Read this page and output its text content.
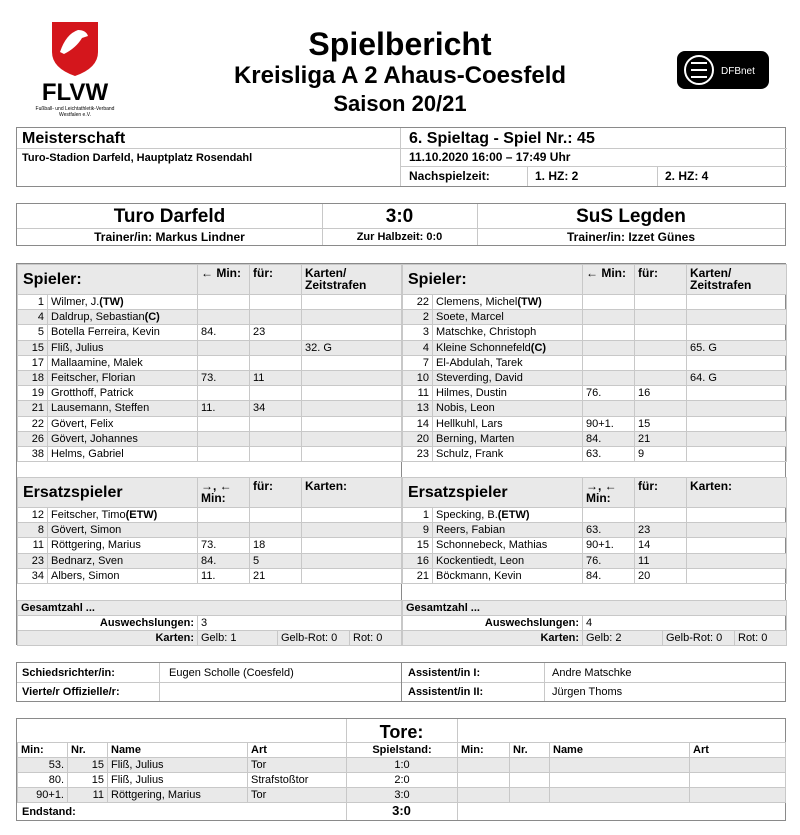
FLVW
Fußball- und Leichtathletik-Verband Westfalen e.V.
Spielbericht
Kreisliga A 2 Ahaus-Coesfeld
Saison 20/21
DFBnet
Meisterschaft
Turo-Stadion Darfeld, Hauptplatz Rosendahl
6. Spieltag - Spiel Nr.: 45
11.10.2020 16:00 – 17:49 Uhr
Nachspielzeit:	1. HZ: 2	2. HZ: 4
Turo Darfeld	3:0	SuS Legden
Trainer/in: Markus Lindner	Zur Halbzeit: 0:0	Trainer/in: Izzet Günes
Spieler:		← Min:	für:	Karten/ Zeitstrafen
1	Wilmer, J.(TW)			
4	Daldrup, Sebastian(C)			
5	Botella Ferreira, Kevin	84.	23	
15	Fliß, Julius			32. G
17	Mallaamine, Malek			
18	Feitscher, Florian	73.	11	
19	Grotthoff, Patrick			
21	Lausemann, Steffen	11.	34	
22	Gövert, Felix			
26	Gövert, Johannes			
38	Helms, Gabriel			
Ersatzspieler		→, ← Min:	für:	Karten:
12	Feitscher, Timo(ETW)			
8	Gövert, Simon			
11	Röttgering, Marius	73.	18	
23	Bednarz, Sven	84.	5	
34	Albers, Simon	11.	21	
Gesamtzahl ...			
Auswechslungen:	3		
Karten:	Gelb: 1	Gelb-Rot: 0	Rot: 0
Spieler:		← Min:	für:	Karten/ Zeitstrafen
22	Clemens, Michel(TW)			
2	Soete, Marcel			
3	Matschke, Christoph			
4	Kleine Schonnefeld(C)			65. G
7	El-Abdulah, Tarek			
10	Steverding, David			64. G
11	Hilmes, Dustin	76.	16	
13	Nobis, Leon			
14	Hellkuhl, Lars	90+1.	15	
20	Berning, Marten	84.	21	
23	Schulz, Frank	63.	9	
Ersatzspieler		→, ← Min:	für:	Karten:
1	Specking, B.(ETW)			
9	Reers, Fabian	63.	23	
15	Schonnebeck, Mathias	90+1.	14	
16	Kockentiedt, Leon	76.	11	
21	Böckmann, Kevin	84.	20	
Gesamtzahl ...			
Auswechslungen:	4		
Karten:	Gelb: 2	Gelb-Rot: 0	Rot: 0
Schiedsrichter/in:	Eugen Scholle (Coesfeld)
Vierte/r Offizielle/r:
Assistent/in I:	Andre Matschke
Assistent/in II:	Jürgen Thoms
Tore:
Min:	Nr.	Name	Art	Spielstand:
53.	15	Fliß, Julius	Tor	1:0
80.	15	Fliß, Julius	Strafstoßtor	2:0
90+1.	11	Röttgering, Marius	Tor	3:0
Min:	Nr.	Name	Art

Endstand:	3:0
